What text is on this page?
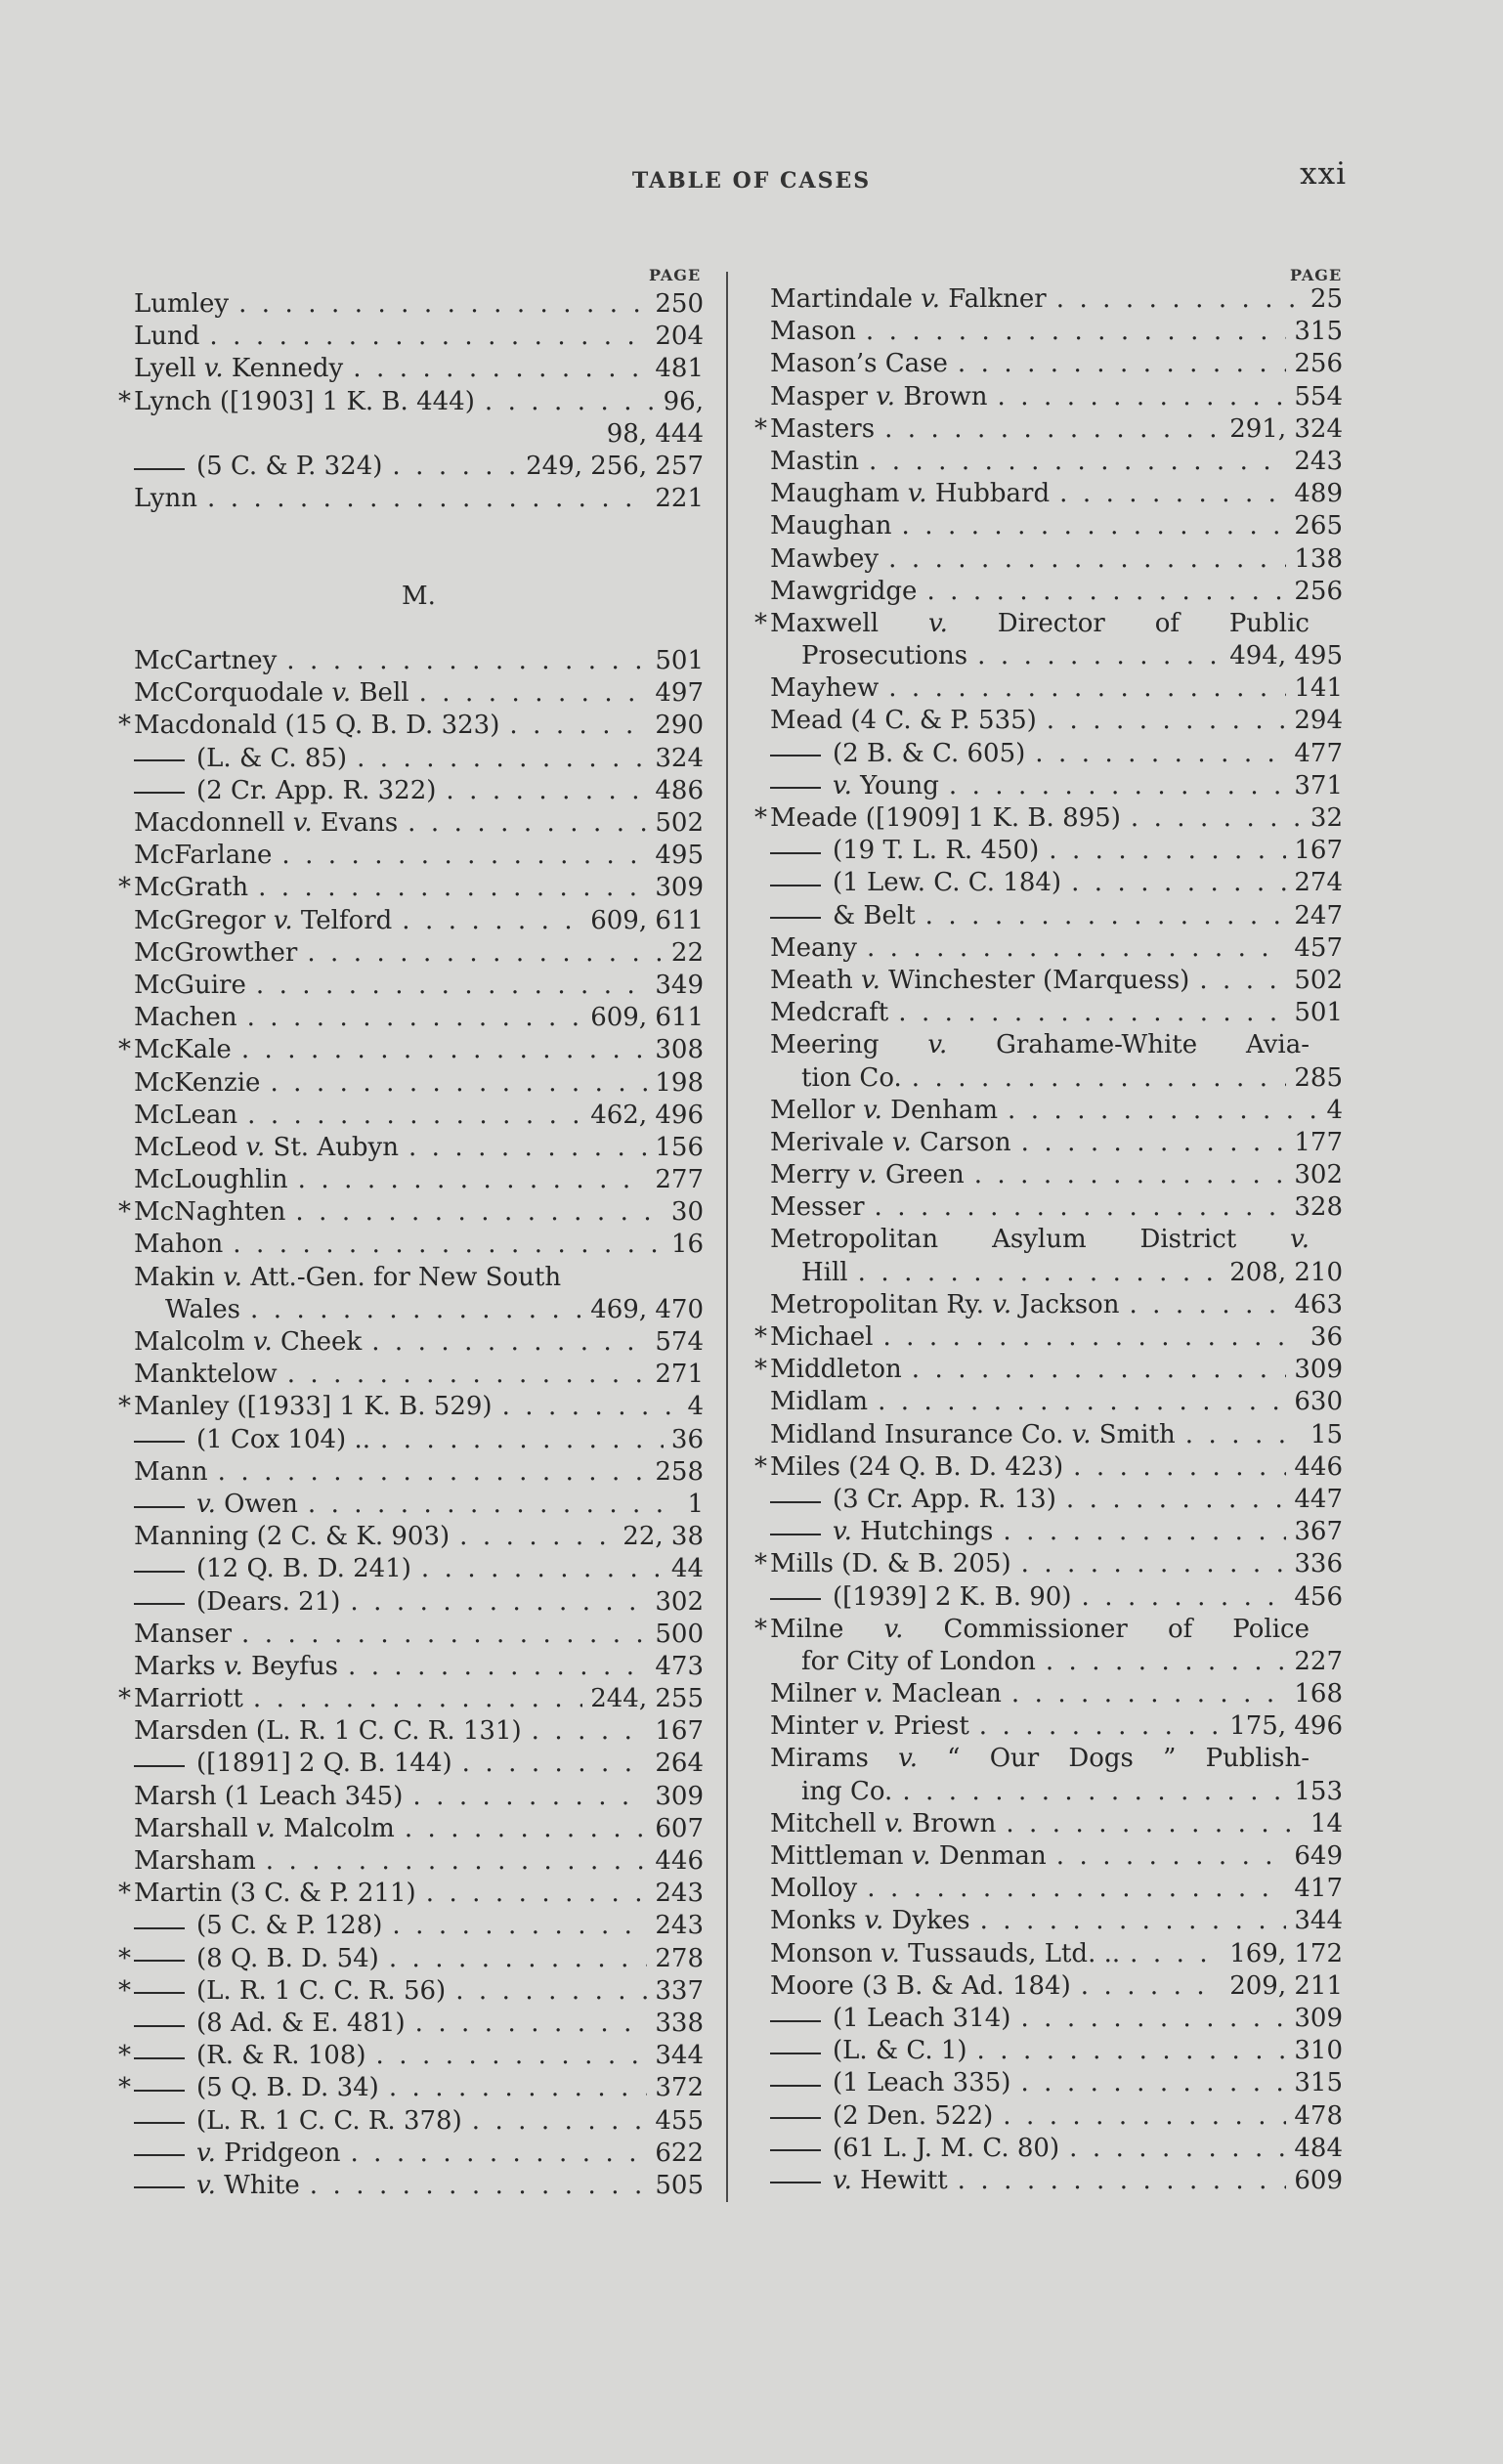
TABLE OF CASES	xxi
PAGE	PAGE
Lumley . . .	250
Lund . . .	204
Lyell v. Kennedy . . .	481
* Lynch ([1903] 1 K. B. 444) . . .	96,
98, 444
(5 C. & P. 324) . . .	249, 256, 257
Lynn . . .	221
M.
McCartney . . .	501
McCorquodale v. Bell . . .	497
* Macdonald (15 Q. B. D. 323) . . .	290
(L. & C. 85) . . .	324
(2 Cr. App. R. 322) . . .	486
Macdonnell v. Evans . . .	502
McFarlane . . .	495
* McGrath . . .	309
McGregor v. Telford . . .	609, 611
McGrowther . . .	22
McGuire . . .	349
Machen . . .	609, 611
* McKale . . .	308
McKenzie . . .	198
McLean . . .	462, 496
McLeod v. St. Aubyn . . .	156
McLoughlin . . .	277
* McNaghten . . .	30
Mahon . . .	16
Makin v. Att.-Gen. for New South
Wales . . .	469, 470
Malcolm v. Cheek . . .	574
Manktelow . . .	271
* Manley ([1933] 1 K. B. 529) . . .	4
(1 Cox 104) .. . . .	36
Mann . . .	258
v. Owen . . .	1
Manning (2 C. & K. 903) . . .	22, 38
(12 Q. B. D. 241) . . .	44
(Dears. 21) . . .	302
Manser . . .	500
Marks v. Beyfus . . .	473
* Marriott . . .	244, 255
Marsden (L. R. 1 C. C. R. 131) . . .	167
([1891] 2 Q. B. 144) . . .	264
Marsh (1 Leach 345) . . .	309
Marshall v. Malcolm . . .	607
Marsham . . .	446
* Martin (3 C. & P. 211) . . .	243
(5 C. & P. 128) . . .	243
*	(8 Q. B. D. 54) . . .	278
*	(L. R. 1 C. C. R. 56) . . .	337
(8 Ad. & E. 481) . . .	338
*	(R. & R. 108) . . .	344
*	(5 Q. B. D. 34) . . .	372
(L. R. 1 C. C. R. 378) . . .	455
v. Pridgeon . . .	622
v. White . . .	505
Martindale v. Falkner . . .	25
Mason . . .	315
Mason’s Case . . .	256
Masper v. Brown . . .	554
* Masters . . .	291, 324
Mastin . . .	243
Maugham v. Hubbard . . .	489
Maughan . . .	265
Mawbey . . .	138
Mawgridge . . .	256
* Maxwell v. Director of Public
Prosecutions . . .	494, 495
Mayhew . . .	141
Mead (4 C. & P. 535) . . .	294
(2 B. & C. 605) . . .	477
v. Young . . .	371
* Meade ([1909] 1 K. B. 895) . . .	32
(19 T. L. R. 450) . . .	167
(1 Lew. C. C. 184) . . .	274
& Belt . . .	247
Meany . . .	457
Meath v. Winchester (Marquess) . . .	502
Medcraft . . .	501
Meering v. Grahame-White Avia-
tion Co. . . .	285
Mellor v. Denham . . .	4
Merivale v. Carson . . .	177
Merry v. Green . . .	302
Messer . . .	328
Metropolitan Asylum District v.
Hill . . .	208, 210
Metropolitan Ry. v. Jackson . . .	463
* Michael . . .	36
* Middleton . . .	309
Midlam . . .	630
Midland Insurance Co. v. Smith . . .	15
* Miles (24 Q. B. D. 423) . . .	446
(3 Cr. App. R. 13) . . .	447
v. Hutchings . . .	367
* Mills (D. & B. 205) . . .	336
([1939] 2 K. B. 90) . . .	456
* Milne v. Commissioner of Police
for City of London . . .	227
Milner v. Maclean . . .	168
Minter v. Priest . . .	175, 496
Mirams v. “ Our Dogs ” Publish-
ing Co. . . .	153
Mitchell v. Brown . . .	14
Mittleman v. Denman . . .	649
Molloy . . .	417
Monks v. Dykes . . .	344
Monson v. Tussauds, Ltd. .. . . .	169, 172
Moore (3 B. & Ad. 184) . . .	209, 211
(1 Leach 314) . . .	309
(L. & C. 1) . . .	310
(1 Leach 335) . . .	315
(2 Den. 522) . . .	478
(61 L. J. M. C. 80) . . .	484
v. Hewitt . . .	609
